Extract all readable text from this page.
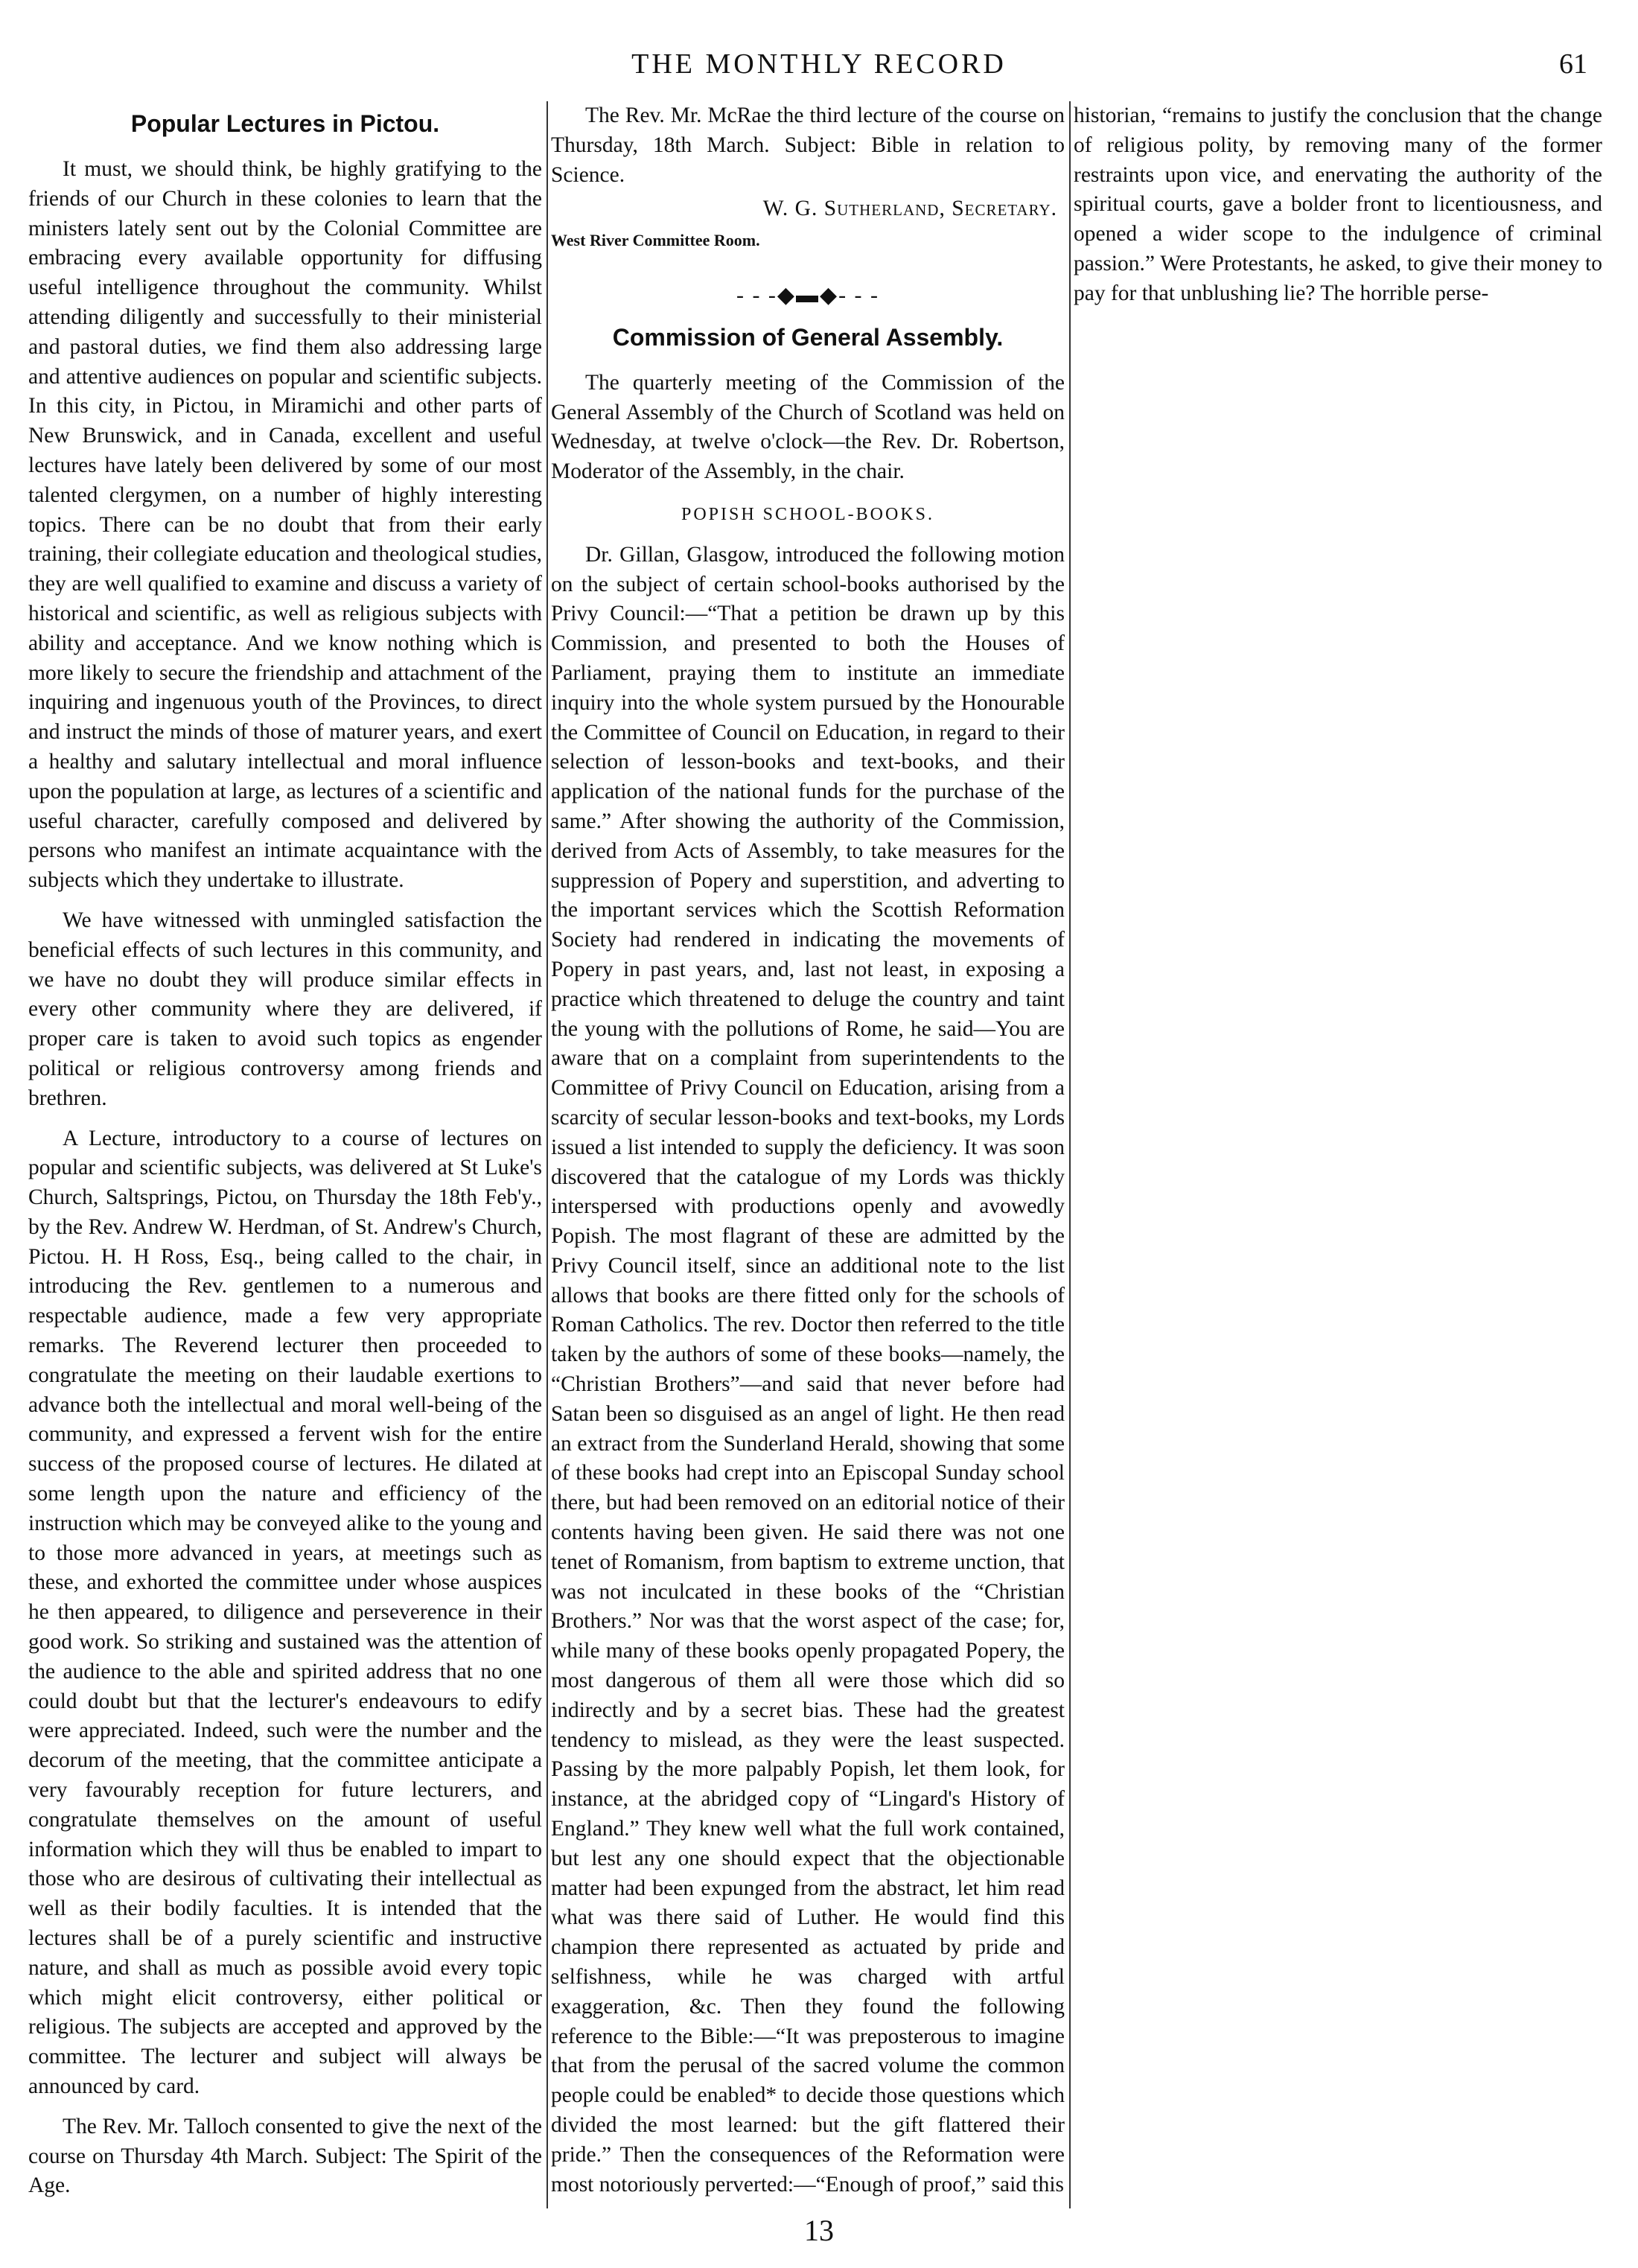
THE MONTHLY RECORD	61
Popular Lectures in Pictou.

It must, we should think, be highly gratifying to the friends of our Church in these colonies to learn that the ministers lately sent out by the Colonial Committee are embracing every available opportunity for diffusing useful intelligence throughout the community. Whilst attending diligently and successfully to their ministerial and pastoral duties, we find them also addressing large and attentive audiences on popular and scientific subjects. In this city, in Pictou, in Miramichi and other parts of New Brunswick, and in Canada, excellent and useful lectures have lately been delivered by some of our most talented clergymen, on a number of highly interesting topics. There can be no doubt that from their early training, their collegiate education and theological studies, they are well qualified to examine and discuss a variety of historical and scientific, as well as religious subjects with ability and acceptance. And we know nothing which is more likely to secure the friendship and attachment of the inquiring and ingenuous youth of the Provinces, to direct and instruct the minds of those of maturer years, and exert a healthy and salutary intellectual and moral influence upon the population at large, as lectures of a scientific and useful character, carefully composed and delivered by persons who manifest an intimate acquaintance with the subjects which they undertake to illustrate.

We have witnessed with unmingled satisfaction the beneficial effects of such lectures in this community, and we have no doubt they will produce similar effects in every other community where they are delivered, if proper care is taken to avoid such topics as engender political or religious controversy among friends and brethren.

A Lecture, introductory to a course of lectures on popular and scientific subjects, was delivered at St Luke's Church, Saltsprings, Pictou, on Thursday the 18th Feb'y., by the Rev. Andrew W. Herdman, of St. Andrew's Church, Pictou. H. H Ross, Esq., being called to the chair, in introducing the Rev. gentlemen to a numerous and respectable audience, made a few very appropriate remarks. The Reverend lecturer then proceeded to congratulate the meeting on their laudable exertions to advance both the intellectual and moral well-being of the community, and expressed a fervent wish for the entire success of the proposed course of lectures. He dilated at some length upon the nature and efficiency of the instruction which may be conveyed alike to the young and to those more advanced in years, at meetings such as these, and exhorted the committee under whose auspices he then appeared, to diligence and perseverence in their good work. So striking and sustained was the attention of the audience to the able and spirited address that no one could doubt but that the lecturer's endeavours to edify were appreciated. Indeed, such were the number and the decorum of the meeting, that the committee anticipate a very favourably reception for future lecturers, and congratulate themselves on the amount of useful information which they will thus be enabled to impart to those who are desirous of cultivating their intellectual as well as their bodily faculties. It is intended that the lectures shall be of a purely scientific and instructive nature, and shall as much as possible avoid every topic which might elicit controversy, either political or religious. The subjects are accepted and approved by the committee. The lecturer and subject will always be announced by card.

The Rev. Mr. Talloch consented to give the next of the course on Thursday 4th March. Subject: The Spirit of the Age.

The Rev. Mr. McRae the third lecture of the course on Thursday, 18th March. Subject: Bible in relation to Science.

W. G. Sutherland, Secretary.
West River Committee Room.
- - -◆▬◆- - -
Commission of General Assembly.

The quarterly meeting of the Commission of the General Assembly of the Church of Scotland was held on Wednesday, at twelve o'clock—the Rev. Dr. Robertson, Moderator of the Assembly, in the chair.

POPISH SCHOOL-BOOKS.

Dr. Gillan, Glasgow, introduced the following motion on the subject of certain school-books authorised by the Privy Council:—“That a petition be drawn up by this Commission, and presented to both the Houses of Parliament, praying them to institute an immediate inquiry into the whole system pursued by the Honourable the Committee of Council on Education, in regard to their selection of lesson-books and text-books, and their application of the national funds for the purchase of the same.” After showing the authority of the Commission, derived from Acts of Assembly, to take measures for the suppression of Popery and superstition, and adverting to the important services which the Scottish Reformation Society had rendered in indicating the movements of Popery in past years, and, last not least, in exposing a practice which threatened to deluge the country and taint the young with the pollutions of Rome, he said—You are aware that on a complaint from superintendents to the Committee of Privy Council on Education, arising from a scarcity of secular lesson-books and text-books, my Lords issued a list intended to supply the deficiency. It was soon discovered that the catalogue of my Lords was thickly interspersed with productions openly and avowedly Popish. The most flagrant of these are admitted by the Privy Council itself, since an additional note to the list allows that books are there fitted only for the schools of Roman Catholics. The rev. Doctor then referred to the title taken by the authors of some of these books—namely, the “Christian Brothers”—and said that never before had Satan been so disguised as an angel of light. He then read an extract from the Sunderland Herald, showing that some of these books had crept into an Episcopal Sunday school there, but had been removed on an editorial notice of their contents having been given. He said there was not one tenet of Romanism, from baptism to extreme unction, that was not inculcated in these books of the “Christian Brothers.” Nor was that the worst aspect of the case; for, while many of these books openly propagated Popery, the most dangerous of them all were those which did so indirectly and by a secret bias. These had the greatest tendency to mislead, as they were the least suspected. Passing by the more palpably Popish, let them look, for instance, at the abridged copy of “Lingard's History of England.” They knew well what the full work contained, but lest any one should expect that the objectionable matter had been expunged from the abstract, let him read what was there said of Luther. He would find this champion there represented as actuated by pride and selfishness, while he was charged with artful exaggeration, &c. Then they found the following reference to the Bible:—“It was preposterous to imagine that from the perusal of the sacred volume the common people could be enabled* to decide those questions which divided the most learned: but the gift flattered their pride.” Then the consequences of the Reformation were most notoriously perverted:—“Enough of proof,” said this

historian, “remains to justify the conclusion that the change of religious polity, by removing many of the former restraints upon vice, and enervating the authority of the spiritual courts, gave a bolder front to licentiousness, and opened a wider scope to the indulgence of criminal passion.” Were Protestants, he asked, to give their money to pay for that unblushing lie? The horrible perse-

13
